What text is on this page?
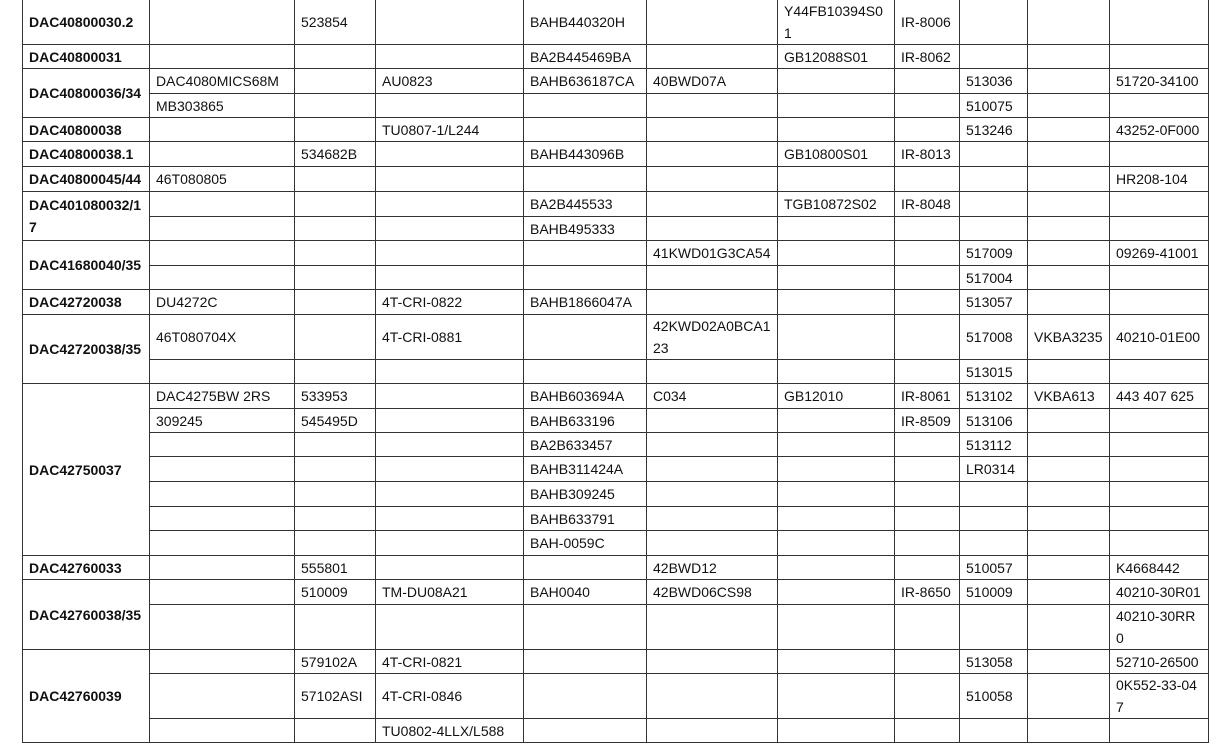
DAC40800030.2		523854		BAHB440320H		Y44FB10394S01	IR-8006			
DAC40800031				BA2B445469BA		GB12088S01	IR-8062			
DAC40800036/34	DAC4080MICS68M		AU0823	BAHB636187CA	40BWD07A			513036		51720-34100
	MB303865							510075		
DAC40800038			TU0807-1/L244					513246		43252-0F000
DAC40800038.1		534682B		BAHB443096B		GB10800S01	IR-8013			
DAC40800045/44	46T080805									HR208-104
DAC401080032/17				BA2B445533		TGB10872S02	IR-8048			
				BAHB495333						
DAC41680040/35					41KWD01G3CA54			517009		09269-41001
								517004		
DAC42720038	DU4272C		4T-CRI-0822	BAHB1866047A				513057		
DAC42720038/35	46T080704X		4T-CRI-0881		42KWD02A0BCA123			517008	VKBA3235	40210-01E00
								513015		
DAC42750037	DAC4275BW 2RS	533953		BAHB603694A	C034	GB12010	IR-8061	513102	VKBA613	443 407 625
	309245	545495D		BAHB633196			IR-8509	513106		
				BA2B633457				513112		
				BAHB311424A				LR0314		
				BAHB309245						
				BAHB633791						
				BAH-0059C						
DAC42760033		555801			42BWD12			510057		K4668442
DAC42760038/35		510009	TM-DU08A21	BAH0040	42BWD06CS98		IR-8650	510009		40210-30R01
										40210-30RR0
DAC42760039		579102A	4T-CRI-0821					513058		52710-26500
		57102ASI	4T-CRI-0846					510058		0K552-33-047
			TU0802-4LLX/L588							
